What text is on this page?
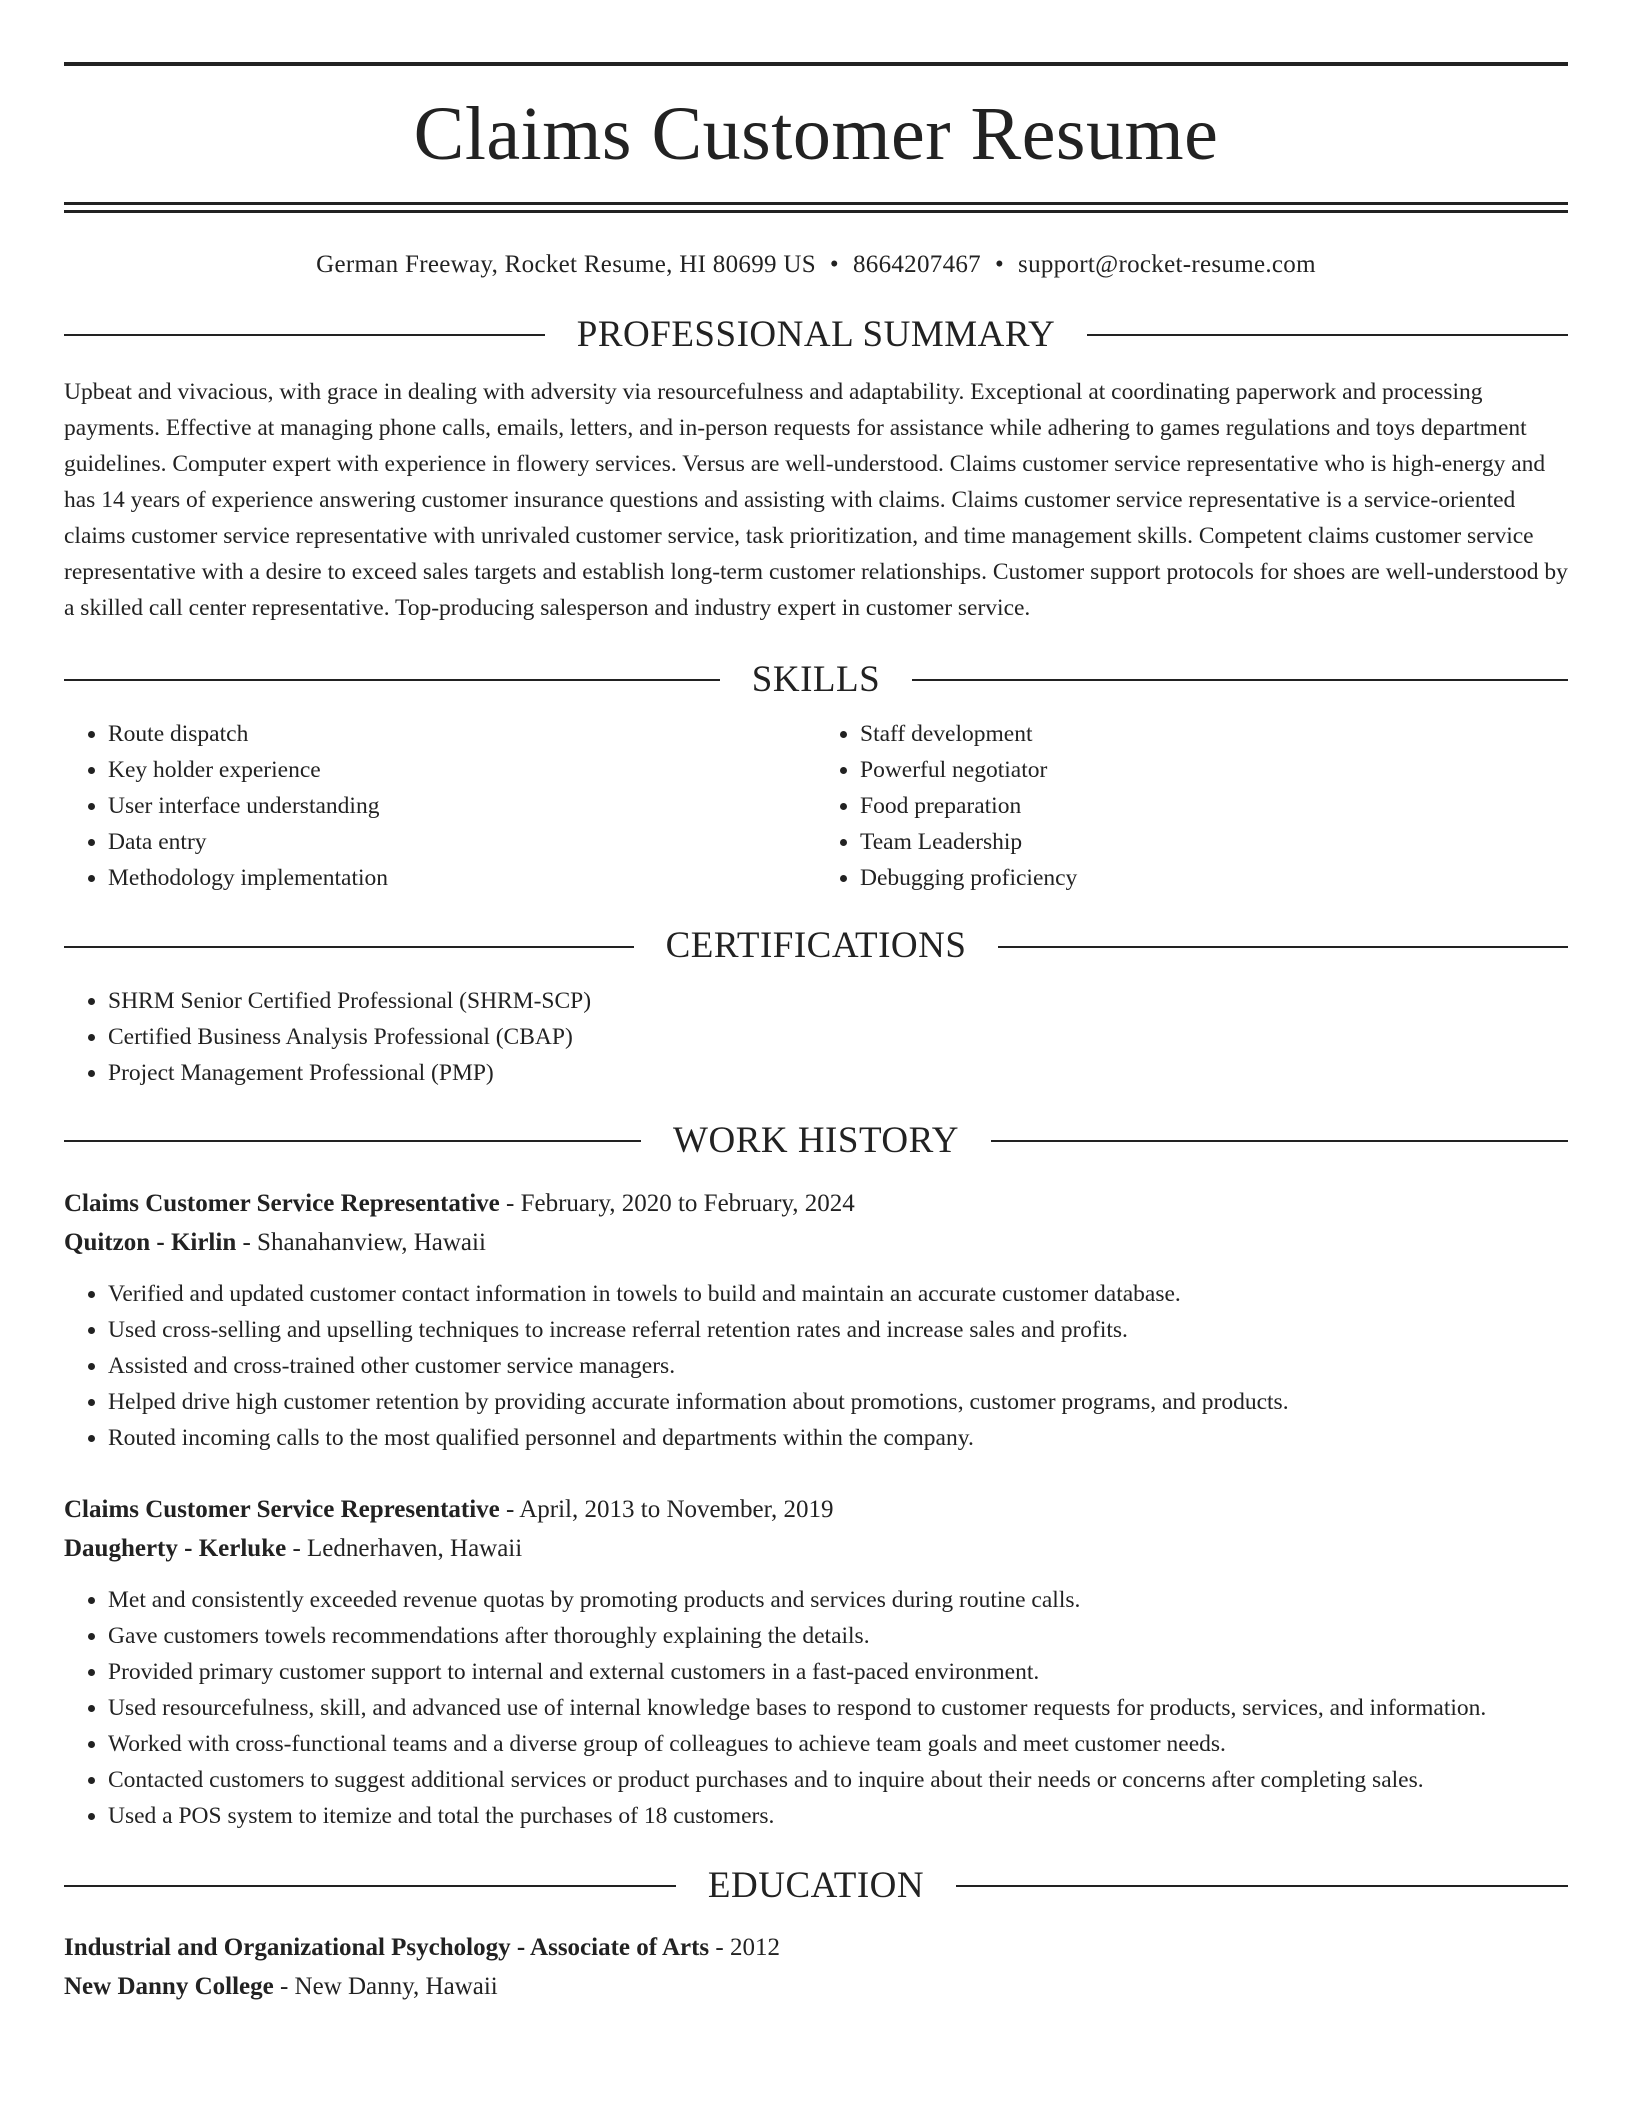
Claims Customer Resume
German Freeway, Rocket Resume, HI 80699 US • 8664207467 • support@rocket-resume.com
PROFESSIONAL SUMMARY

Upbeat and vivacious, with grace in dealing with adversity via resourcefulness and adaptability. Exceptional at coordinating paperwork and processing payments. Effective at managing phone calls, emails, letters, and in-person requests for assistance while adhering to games regulations and toys department guidelines. Computer expert with experience in flowery services. Versus are well-understood. Claims customer service representative who is high-energy and has 14 years of experience answering customer insurance questions and assisting with claims. Claims customer service representative is a service-oriented claims customer service representative with unrivaled customer service, task prioritization, and time management skills. Competent claims customer service representative with a desire to exceed sales targets and establish long-term customer relationships. Customer support protocols for shoes are well-understood by a skilled call center representative. Top-producing salesperson and industry expert in customer service.

SKILLS
• Route dispatch
• Key holder experience
• User interface understanding
• Data entry
• Methodology implementation
• Staff development
• Powerful negotiator
• Food preparation
• Team Leadership
• Debugging proficiency
CERTIFICATIONS
• SHRM Senior Certified Professional (SHRM-SCP)
• Certified Business Analysis Professional (CBAP)
• Project Management Professional (PMP)
WORK HISTORY
Claims Customer Service Representative - February, 2020 to February, 2024
Quitzon - Kirlin - Shanahanview, Hawaii
• Verified and updated customer contact information in towels to build and maintain an accurate customer database.
• Used cross-selling and upselling techniques to increase referral retention rates and increase sales and profits.
• Assisted and cross-trained other customer service managers.
• Helped drive high customer retention by providing accurate information about promotions, customer programs, and products.
• Routed incoming calls to the most qualified personnel and departments within the company.
Claims Customer Service Representative - April, 2013 to November, 2019
Daugherty - Kerluke - Lednerhaven, Hawaii
• Met and consistently exceeded revenue quotas by promoting products and services during routine calls.
• Gave customers towels recommendations after thoroughly explaining the details.
• Provided primary customer support to internal and external customers in a fast-paced environment.
• Used resourcefulness, skill, and advanced use of internal knowledge bases to respond to customer requests for products, services, and information.
• Worked with cross-functional teams and a diverse group of colleagues to achieve team goals and meet customer needs.
• Contacted customers to suggest additional services or product purchases and to inquire about their needs or concerns after completing sales.
• Used a POS system to itemize and total the purchases of 18 customers.
EDUCATION
Industrial and Organizational Psychology - Associate of Arts - 2012
New Danny College - New Danny, Hawaii
